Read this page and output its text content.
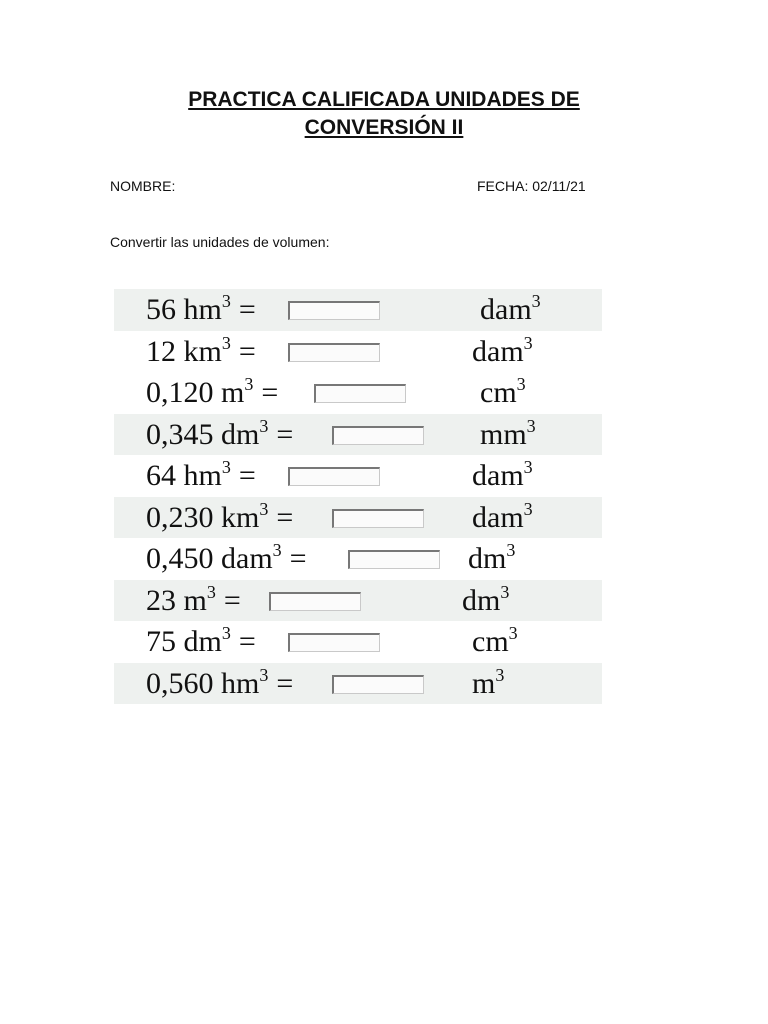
PRACTICA CALIFICADA UNIDADES DE
CONVERSIÓN II
NOMBRE:	FECHA: 02/11/21
Convertir las unidades de volumen:
56 $hm^3$ =	dam$^3$
12 $km^3$ =	dam$^3$
0,120 $m^3$ =	$cm^3$
0,345 $dm^3$ =	$mm^3$
64 $hm^3$ =	dam$^3$
0,230 $km^3$ =	dam$^3$
0,450 dam$^3$ =	$dm^3$
23 $m^3$ =	$dm^3$
75 $dm^3$ =	$cm^3$
0,560 $hm^3$ =	$m^3$
